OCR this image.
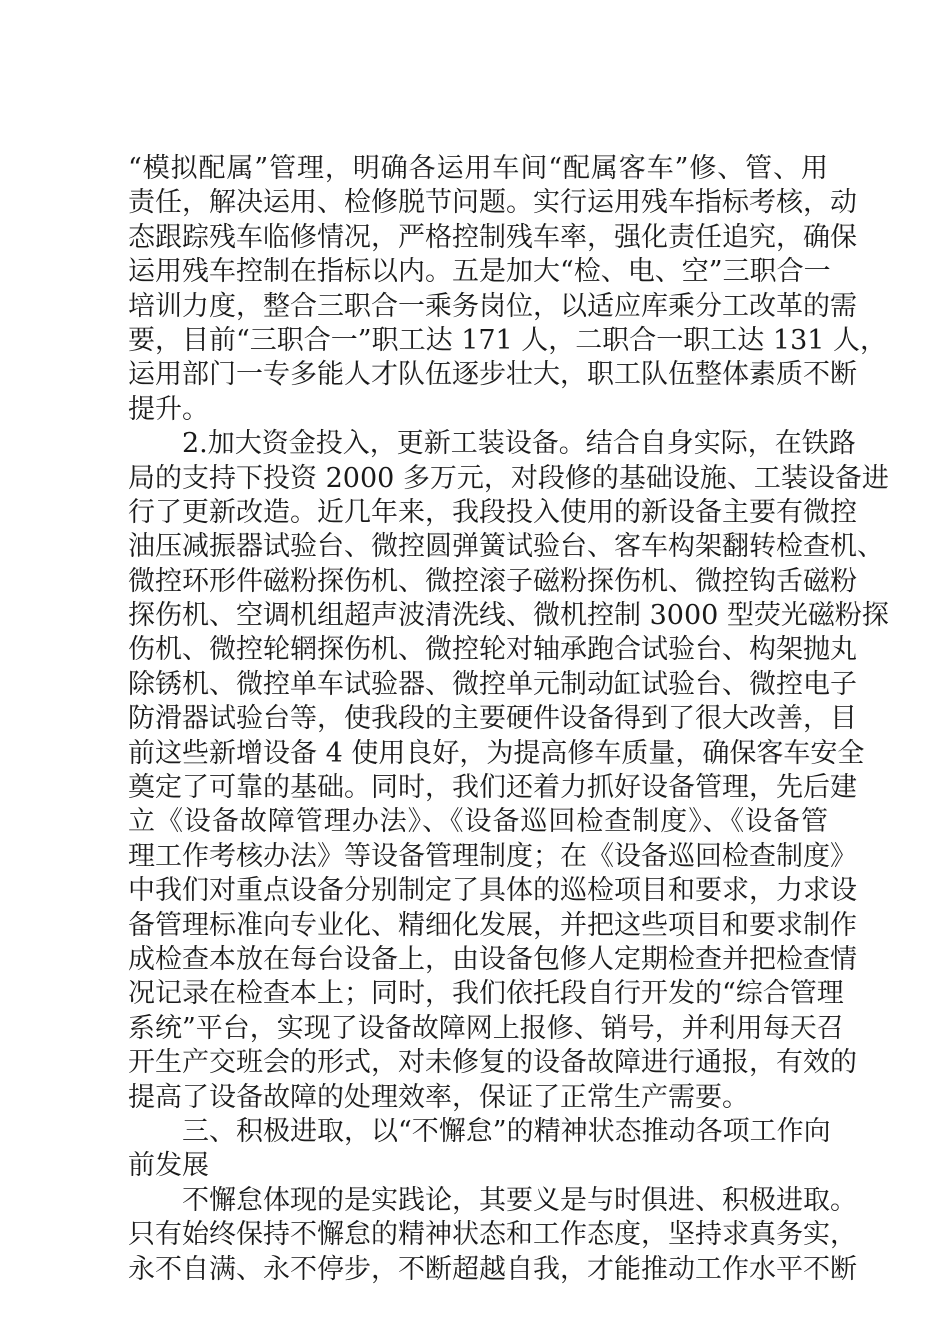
“模拟配属”管理，明确各运用车间“配属客车”修、管、用
责任，解决运用、检修脱节问题。实行运用残车指标考核，动
态跟踪残车临修情况，严格控制残车率，强化责任追究，确保
运用残车控制在指标以内。五是加大“检、电、空”三职合一
培训力度，整合三职合一乘务岗位，以适应库乘分工改革的需
要，目前“三职合一”职工达 171 人，二职合一职工达 131 人，
运用部门一专多能人才队伍逐步壮大，职工队伍整体素质不断
提升。
2.加大资金投入，更新工装设备。结合自身实际，在铁路
局的支持下投资 2000 多万元，对段修的基础设施、工装设备进
行了更新改造。近几年来，我段投入使用的新设备主要有微控
油压减振器试验台、微控圆弹簧试验台、客车构架翻转检查机、
微控环形件磁粉探伤机、微控滚子磁粉探伤机、微控钩舌磁粉
探伤机、空调机组超声波清洗线、微机控制 3000 型荧光磁粉探
伤机、微控轮辋探伤机、微控轮对轴承跑合试验台、构架抛丸
除锈机、微控单车试验器、微控单元制动缸试验台、微控电子
防滑器试验台等，使我段的主要硬件设备得到了很大改善，目
前这些新增设备 4 使用良好，为提高修车质量，确保客车安全
奠定了可靠的基础。同时，我们还着力抓好设备管理，先后建
立《设备故障管理办法》、《设备巡回检查制度》、《设备管
理工作考核办法》等设备管理制度；在《设备巡回检查制度》
中我们对重点设备分别制定了具体的巡检项目和要求，力求设
备管理标准向专业化、精细化发展，并把这些项目和要求制作
成检查本放在每台设备上，由设备包修人定期检查并把检查情
况记录在检查本上；同时，我们依托段自行开发的“综合管理
系统”平台，实现了设备故障网上报修、销号，并利用每天召
开生产交班会的形式，对未修复的设备故障进行通报，有效的
提高了设备故障的处理效率，保证了正常生产需要。
三、积极进取，以“不懈怠”的精神状态推动各项工作向
前发展
不懈怠体现的是实践论，其要义是与时俱进、积极进取。
只有始终保持不懈怠的精神状态和工作态度，坚持求真务实，
永不自满、永不停步，不断超越自我，才能推动工作水平不断
